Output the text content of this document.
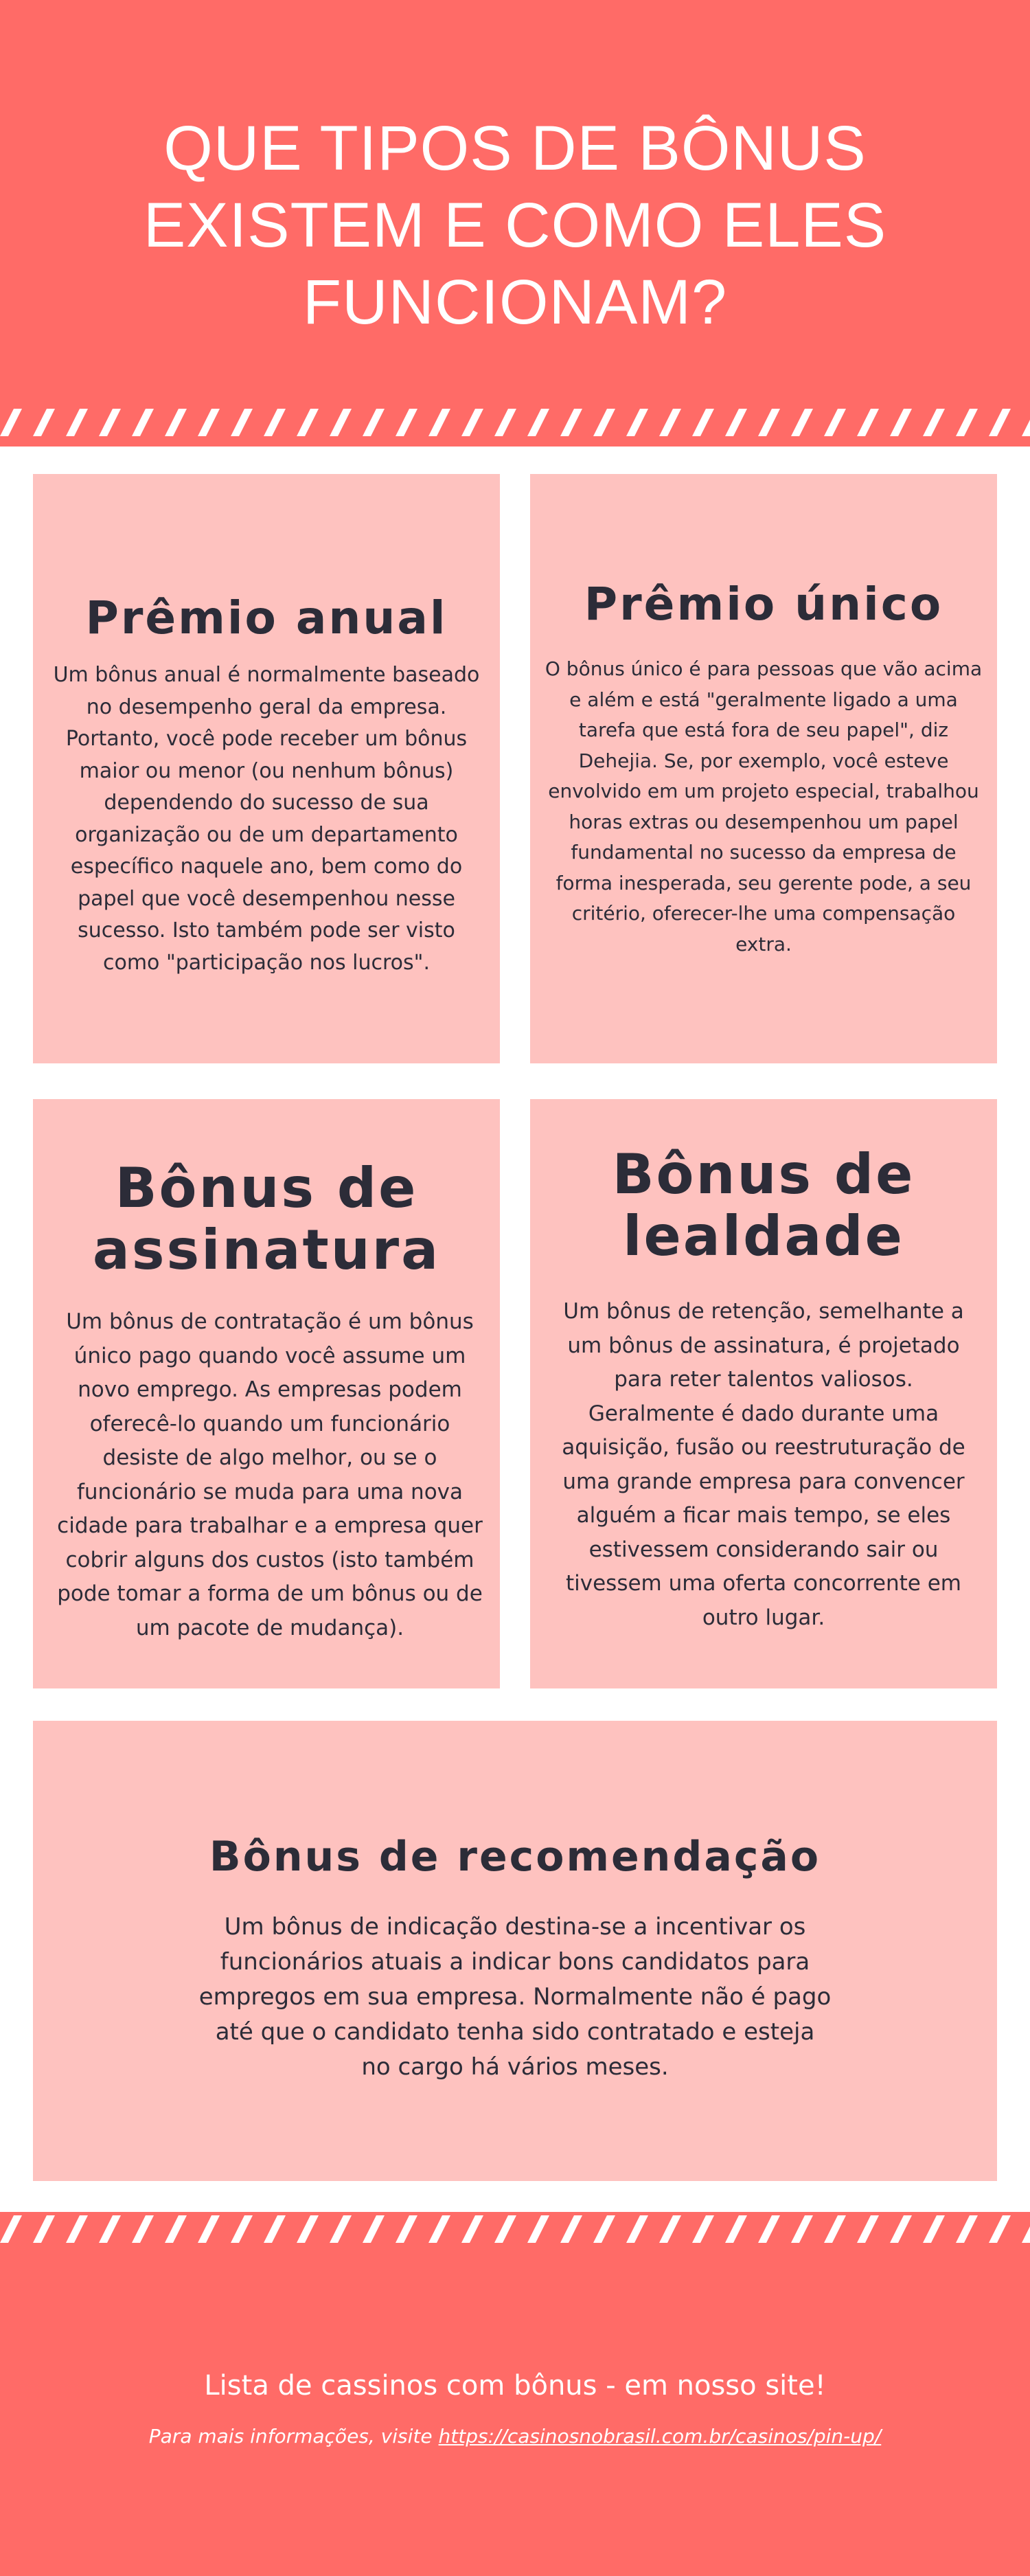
QUE TIPOS DE BÔNUS
EXISTEM E COMO ELES
FUNCIONAM?
Prêmio anual
Um bônus anual é normalmente baseado
no desempenho geral da empresa.
Portanto, você pode receber um bônus
maior ou menor (ou nenhum bônus)
dependendo do sucesso de sua
organização ou de um departamento
específico naquele ano, bem como do
papel que você desempenhou nesse
sucesso. Isto também pode ser visto
como "participação nos lucros".
Prêmio único
O bônus único é para pessoas que vão acima
e além e está "geralmente ligado a uma
tarefa que está fora de seu papel", diz
Dehejia. Se, por exemplo, você esteve
envolvido em um projeto especial, trabalhou
horas extras ou desempenhou um papel
fundamental no sucesso da empresa de
forma inesperada, seu gerente pode, a seu
critério, oferecer-lhe uma compensação
extra.
Bônus de
assinatura
Um bônus de contratação é um bônus
único pago quando você assume um
novo emprego. As empresas podem
oferecê-lo quando um funcionário
desiste de algo melhor, ou se o
funcionário se muda para uma nova
cidade para trabalhar e a empresa quer
cobrir alguns dos custos (isto também
pode tomar a forma de um bônus ou de
um pacote de mudança).
Bônus de
lealdade
Um bônus de retenção, semelhante a
um bônus de assinatura, é projetado
para reter talentos valiosos.
Geralmente é dado durante uma
aquisição, fusão ou reestruturação de
uma grande empresa para convencer
alguém a ficar mais tempo, se eles
estivessem considerando sair ou
tivessem uma oferta concorrente em
outro lugar.
Bônus de recomendação
Um bônus de indicação destina-se a incentivar os
funcionários atuais a indicar bons candidatos para
empregos em sua empresa. Normalmente não é pago
até que o candidato tenha sido contratado e esteja
no cargo há vários meses.
Lista de cassinos com bônus - em nosso site!
Para mais informações, visite https://casinosnobrasil.com.br/casinos/pin-up/
